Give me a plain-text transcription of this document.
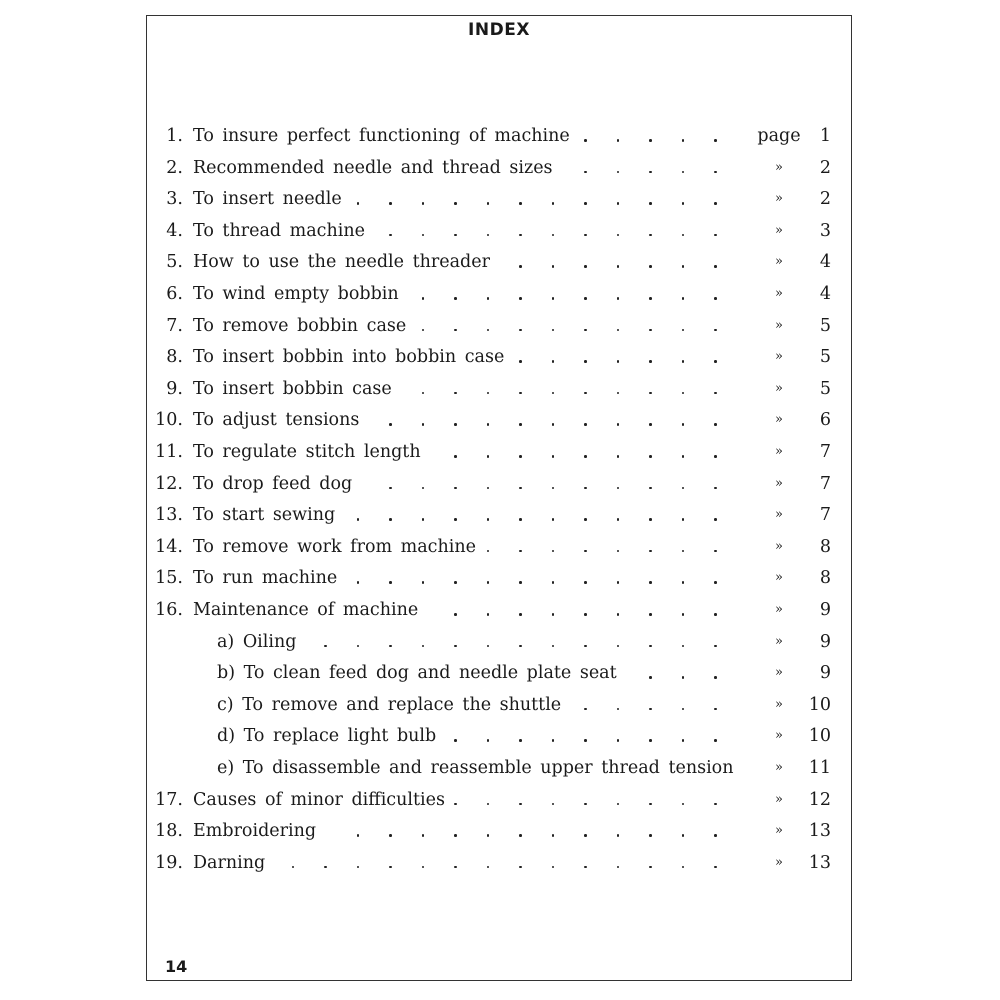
INDEX
1. To insure perfect functioning of machine	page	1
2. Recommended needle and thread sizes	»	2
3. To insert needle	»	2
4. To thread machine	»	3
5. How to use the needle threader	»	4
6. To wind empty bobbin	»	4
7. To remove bobbin case	»	5
8. To insert bobbin into bobbin case	»	5
9. To insert bobbin case	»	5
10. To adjust tensions	»	6
11. To regulate stitch length	»	7
12. To drop feed dog	»	7
13. To start sewing	»	7
14. To remove work from machine	»	8
15. To run machine	»	8
16. Maintenance of machine	»	9
a) Oiling	»	9
b) To clean feed dog and needle plate seat	»	9
c) To remove and replace the shuttle	»	10
d) To replace light bulb	»	10
e) To disassemble and reassemble upper thread tension	»	11
17. Causes of minor difficulties	»	12
18. Embroidering	»	13
19. Darning	»	13
14
